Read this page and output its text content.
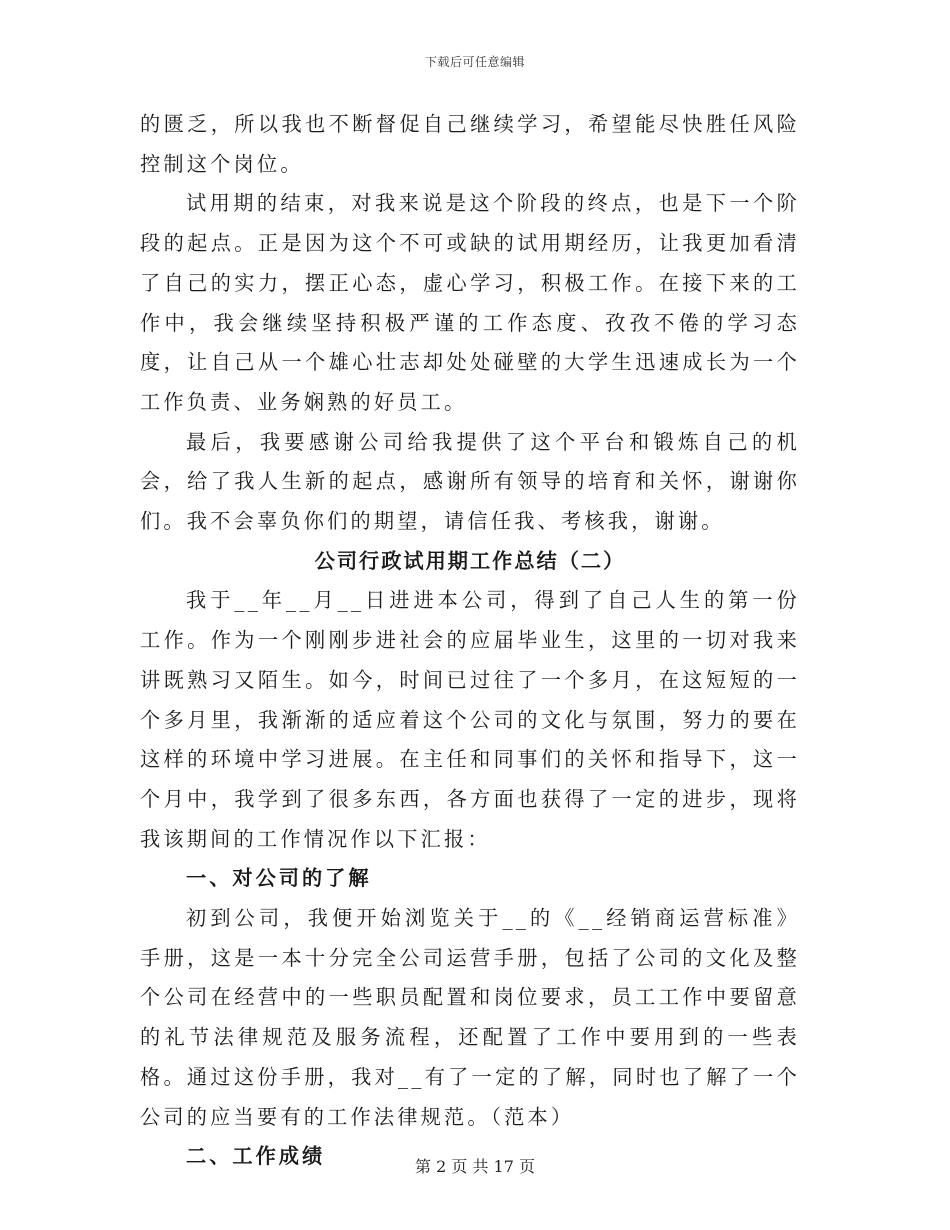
下载后可任意编辑

的匮乏，所以我也不断督促自己继续学习，希望能尽快胜任风险控制这个岗位。

试用期的结束，对我来说是这个阶段的终点，也是下一个阶段的起点。正是因为这个不可或缺的试用期经历，让我更加看清了自己的实力，摆正心态，虚心学习，积极工作。在接下来的工作中，我会继续坚持积极严谨的工作态度、孜孜不倦的学习态度，让自己从一个雄心壮志却处处碰壁的大学生迅速成长为一个工作负责、业务娴熟的好员工。

最后，我要感谢公司给我提供了这个平台和锻炼自己的机会，给了我人生新的起点，感谢所有领导的培育和关怀，谢谢你们。我不会辜负你们的期望，请信任我、考核我，谢谢。

公司行政试用期工作总结（二）

我于__年__月__日进进本公司，得到了自己人生的第一份工作。作为一个刚刚步进社会的应届毕业生，这里的一切对我来讲既熟习又陌生。如今，时间已过往了一个多月，在这短短的一个多月里，我渐渐的适应着这个公司的文化与氛围，努力的要在这样的环境中学习进展。在主任和同事们的关怀和指导下，这一个月中，我学到了很多东西，各方面也获得了一定的进步，现将我该期间的工作情况作以下汇报：

一、对公司的了解

初到公司，我便开始浏览关于__的《__经销商运营标准》手册，这是一本十分完全公司运营手册，包括了公司的文化及整个公司在经营中的一些职员配置和岗位要求，员工工作中要留意的礼节法律规范及服务流程，还配置了工作中要用到的一些表格。通过这份手册，我对__有了一定的了解，同时也了解了一个公司的应当要有的工作法律规范。（范本）

二、工作成绩	第 2 页 共 17 页
